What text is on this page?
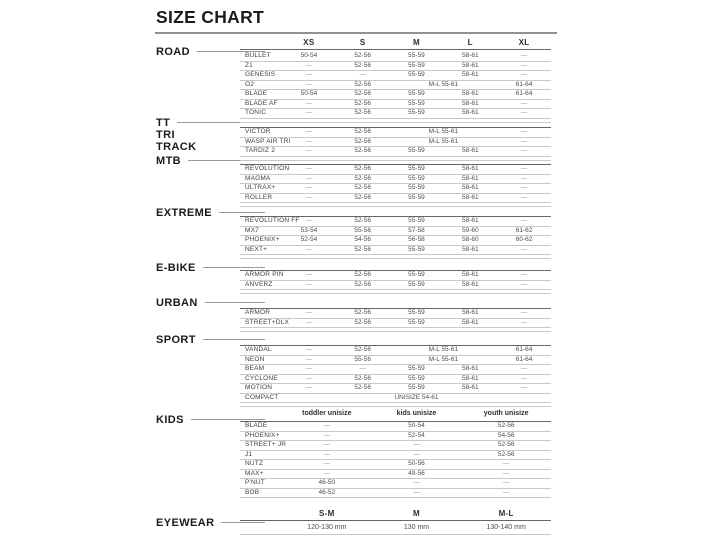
SIZE CHART
ROAD
TT
TRI
TRACK
MTB
EXTREME
E-BIKE
URBAN
SPORT
KIDS
EYEWEAR
XS	S	M	L	XL
BULLET	50-54	52-56	55-59	58-61	—
Z1	—	52-56	55-59	58-61	—
GENESIS	—	—	55-59	58-61	—
O2	—	52-56	M-L 55-61	61-64
BLADE	50-54	52-56	55-59	58-61	61-64
BLADE AF	—	52-56	55-59	58-61	—
TONIC	—	52-56	55-59	58-61	—
VICTOR	—	52-56	M-L 55-61	—
WASP AIR TRI	—	52-56	M-L 55-61	—
TARDIZ 2	—	52-56	55-59	58-61	—
REVOLUTION	—	52-56	55-59	58-61	—
MAGMA	—	52-56	55-59	58-61	—
ULTRAX+	—	52-56	55-59	58-61	—
ROLLER	—	52-56	55-59	58-61	—
REVOLUTION FF —	52-56	55-59	58-61	—
MX7	53-54	55-56	57-58	59-60	61-62
PHOENIX+	52-54	54-56	56-58	58-60	60-62
NEXT+	—	52-56	55-59	58-61	—
ARMOR PIN	—	52-56	55-59	58-61	—
ANVERZ	—	52-56	55-59	58-61	—
ARMOR	—	52-56	55-59	58-61	—
STREET+DLX	—	52-56	55-59	58-61	—
VANDAL	—	52-56	M-L 55-61	61-64
NEON	—	55-56	M-L 55-61	61-64
BEAM	—	—	55-59	58-61	—
CYCLONE	—	52-56	55-59	58-61	—
MOTION	—	52-56	55-59	58-61	—
COMPACT	UNISIZE 54-61
toddler unisize	kids unisize	youth unisize
BLADE	—	50-54	52-56
PHOENIX+	—	52-54	54-56
STREET+ JR	—	—	52-56
J1	—	—	52-56
NUTZ	—	50-56	—
MAX+	—	49-56	—
P'NUT	46-50	—	—
BOB	46-52	—	—
S-M	M	M-L
120-130 mm	130 mm	130-140 mm
